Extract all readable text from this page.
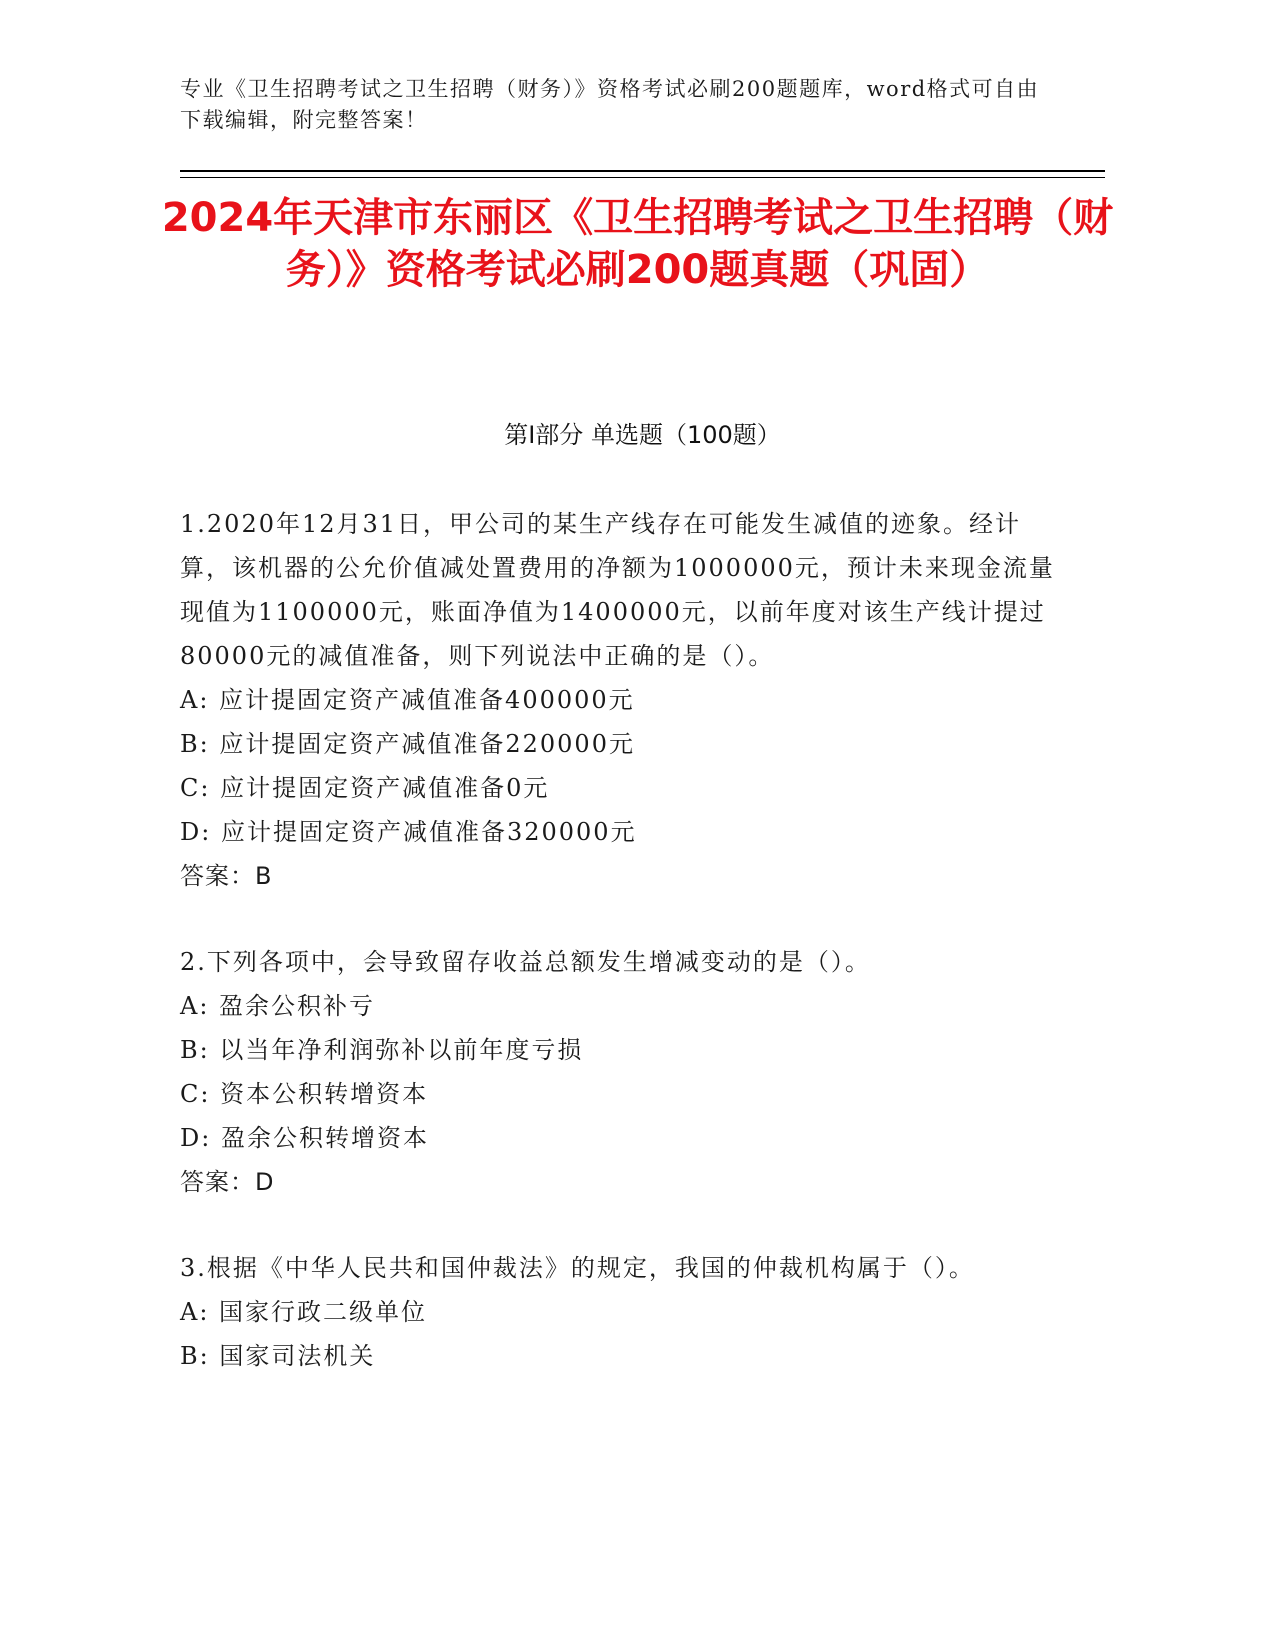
专业《卫生招聘考试之卫生招聘（财务）》资格考试必刷200题题库，word格式可自由下载编辑，附完整答案！
2024年天津市东丽区《卫生招聘考试之卫生招聘（财务）》资格考试必刷200题真题（巩固）
第I部分 单选题（100题）

1.2020年12月31日，甲公司的某生产线存在可能发生减值的迹象。经计算，该机器的公允价值减处置费用的净额为1000000元，预计未来现金流量现值为1100000元，账面净值为1400000元，以前年度对该生产线计提过80000元的减值准备，则下列说法中正确的是（）。

A: 应计提固定资产减值准备400000元

B: 应计提固定资产减值准备220000元

C: 应计提固定资产减值准备0元

D: 应计提固定资产减值准备320000元

答案：B

2.下列各项中，会导致留存收益总额发生增减变动的是（）。

A: 盈余公积补亏

B: 以当年净利润弥补以前年度亏损

C: 资本公积转增资本

D: 盈余公积转增资本

答案：D

3.根据《中华人民共和国仲裁法》的规定，我国的仲裁机构属于（）。

A: 国家行政二级单位

B: 国家司法机关
